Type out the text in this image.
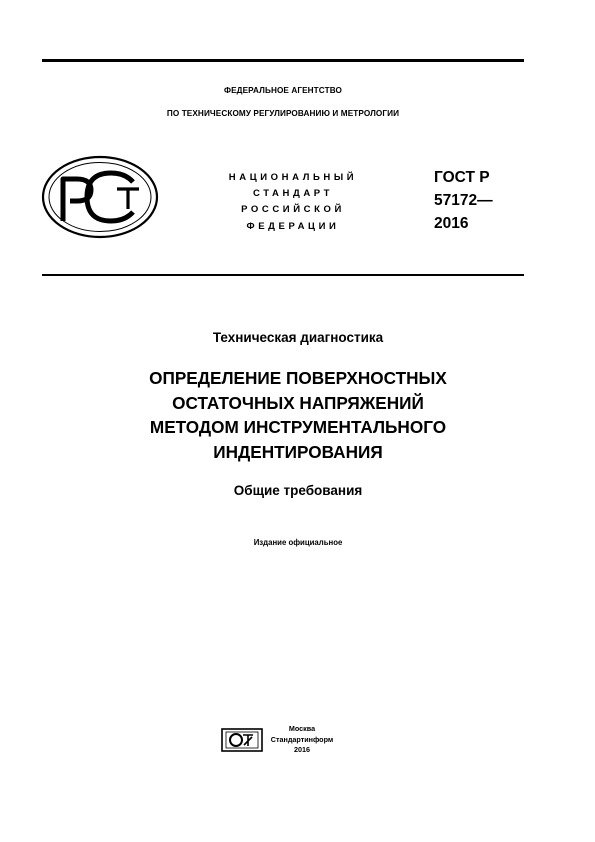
ФЕДЕРАЛЬНОЕ АГЕНТСТВО
ПО ТЕХНИЧЕСКОМУ РЕГУЛИРОВАНИЮ И МЕТРОЛОГИИ
НАЦИОНАЛЬНЫЙ
СТАНДАРТ
РОССИЙСКОЙ
ФЕДЕРАЦИИ
ГОСТ Р
57172—
2016
Техническая диагностика
ОПРЕДЕЛЕНИЕ ПОВЕРХНОСТНЫХ
ОСТАТОЧНЫХ НАПРЯЖЕНИЙ
МЕТОДОМ ИНСТРУМЕНТАЛЬНОГО
ИНДЕНТИРОВАНИЯ
Общие требования
Издание официальное
Москва
Стандартинформ
2016
